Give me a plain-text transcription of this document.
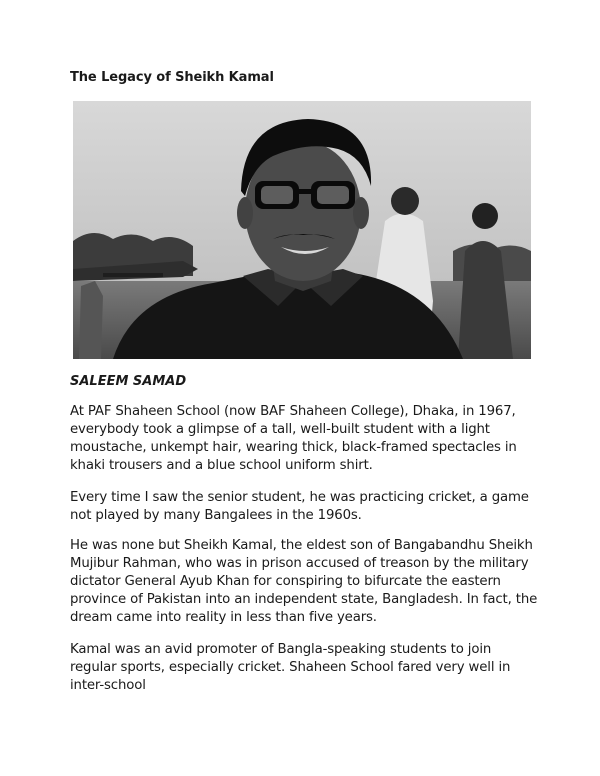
The Legacy of Sheikh Kamal
SALEEM SAMAD

At PAF Shaheen School (now BAF Shaheen College), Dhaka, in 1967, everybody took a glimpse of a tall, well-built student with a light moustache, unkempt hair, wearing thick, black-framed spectacles in khaki trousers and a blue school uniform shirt.

Every time I saw the senior student, he was practicing cricket, a game not played by many Bangalees in the 1960s.

He was none but Sheikh Kamal, the eldest son of Bangabandhu Sheikh Mujibur Rahman, who was in prison accused of treason by the military dictator General Ayub Khan for conspiring to bifurcate the eastern province of Pakistan into an independent state, Bangladesh. In fact, the dream came into reality in less than five years.

Kamal was an avid promoter of Bangla-speaking students to join regular sports, especially cricket. Shaheen School fared very well in inter-school
